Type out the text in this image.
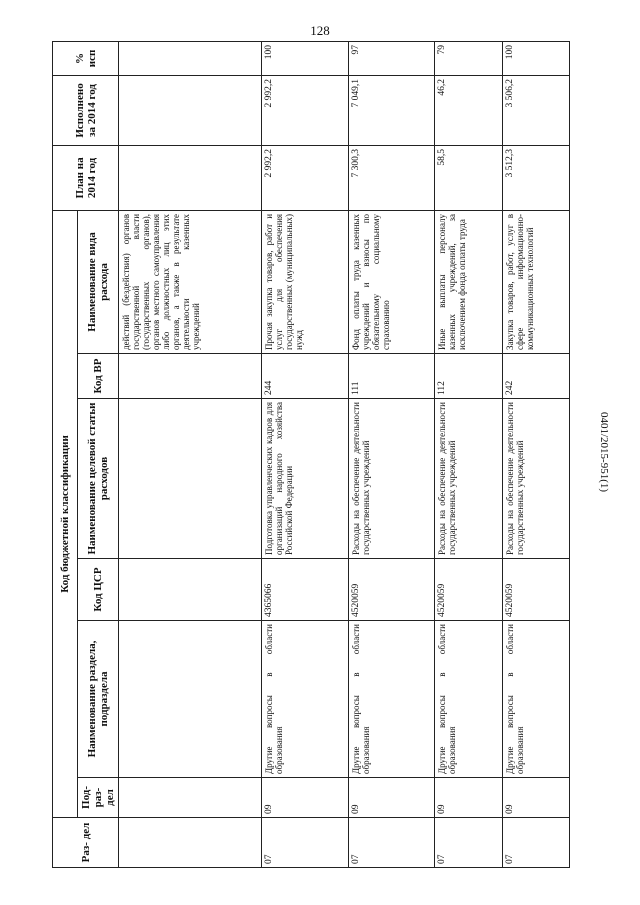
128
0401/2015-951(1)
Раз- дел	Код бюджетной классификации						План на 2014 год	Исполнено за 2014 год	% исп
	Под- раз- дел	Наименование раздела, подраздела	Код ЦСР	Наименование целевой статьи расходов	Код ВР	Наименование вида расхода			
						действий (бездействия) органов государственной власти (государственных органов), органов местного самоуправления либо должностных лиц этих органов, а также в результате деятельности казенных учреждений			
07	09	Другие вопросы в области образования	4365066	Подготовка управленческих кадров для организаций народного хозяйства Российской Федерации	244	Прочая закупка товаров, работ и услуг для обеспечения государственных (муниципальных) нужд	2 992,2	2 992,2	100
07	09	Другие вопросы в области образования	4520059	Расходы на обеспечение деятельности государственных учреждений	111	Фонд оплаты труда казенных учреждений и взносы по обязательному социальному страхованию	7 300,3	7 049,1	97
07	09	Другие вопросы в области образования	4520059	Расходы на обеспечение деятельности государственных учреждений	112	Иные выплаты персоналу казенных учреждений, за исключением фонда оплаты труда	58,5	46,2	79
07	09	Другие вопросы в области образования	4520059	Расходы на обеспечение деятельности государственных учреждений	242	Закупка товаров, работ, услуг в сфере информационно-коммуникационных технологий	3 512,3	3 506,2	100
